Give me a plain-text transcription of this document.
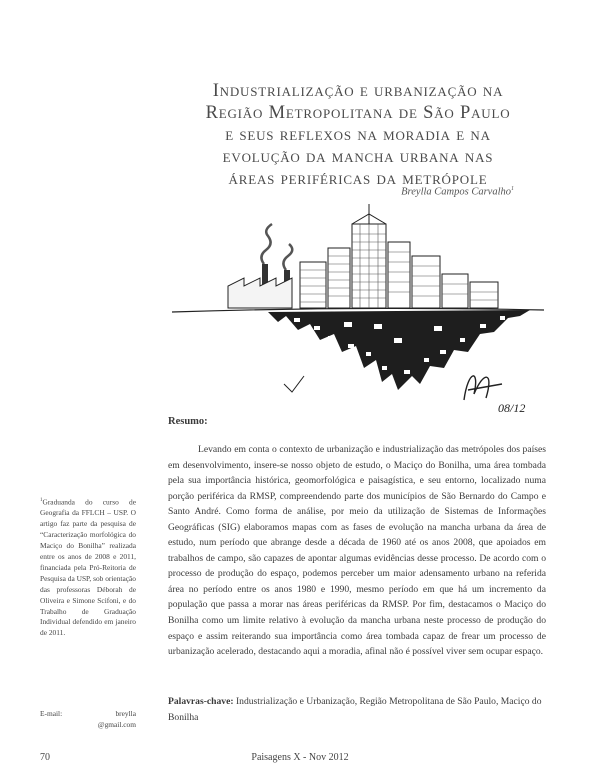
Industrialização e urbanização na
Região Metropolitana de São Paulo
e seus reflexos na moradia e na
evolução da mancha urbana nas
áreas periféricas da metrópole
Breylla Campos Carvalho$^1$
08/12
Resumo:

Levando em conta o contexto de urbanização e industrialização das metrópoles dos países em desenvolvimento, insere-se nosso objeto de estudo, o Maciço do Bonilha, uma área tombada pela sua importância histórica, geomorfológica e paisagística, e seu entorno, localizado numa porção periférica da RMSP, compreendendo parte dos municípios de São Bernardo do Campo e Santo André. Como forma de análise, por meio da utilização de Sistemas de Informações Geográficas (SIG) elaboramos mapas com as fases de evolução na mancha urbana da área de estudo, num período que abrange desde a década de 1960 até os anos 2008, que apoiados em trabalhos de campo, são capazes de apontar algumas evidências desse processo. De acordo com o processo de produção do espaço, podemos perceber um maior adensamento urbano na referida área no período entre os anos 1980 e 1990, mesmo período em que há um incremento da população que passa a morar nas áreas periféricas da RMSP. Por fim, destacamos o Maciço do Bonilha como um limite relativo à evolução da mancha urbana neste processo de produção do espaço e assim reiterando sua importância como área tombada capaz de frear um processo de urbanização acelerado, destacando aqui a moradia, afinal não é possível viver sem ocupar espaço.

Palavras-chave: Industrialização e Urbanização, Região Metropolitana de São Paulo, Maciço do Bonilha

$^1$Graduanda do curso de Geografia da FFLCH – USP. O artigo faz parte da pesquisa de “Caracterização morfológica do Maciço do Bonilha” realizada entre os anos de 2008 e 2011, financiada pela Pró-Reitoria de Pesquisa da USP, sob orientação das professoras Déborah de Oliveira e Simone Scifoni, e do Trabalho de Graduação Individual defendido em janeiro de 2011.

E-mail:	breylla
@gmail.com
70	Paisagens X - Nov 2012
